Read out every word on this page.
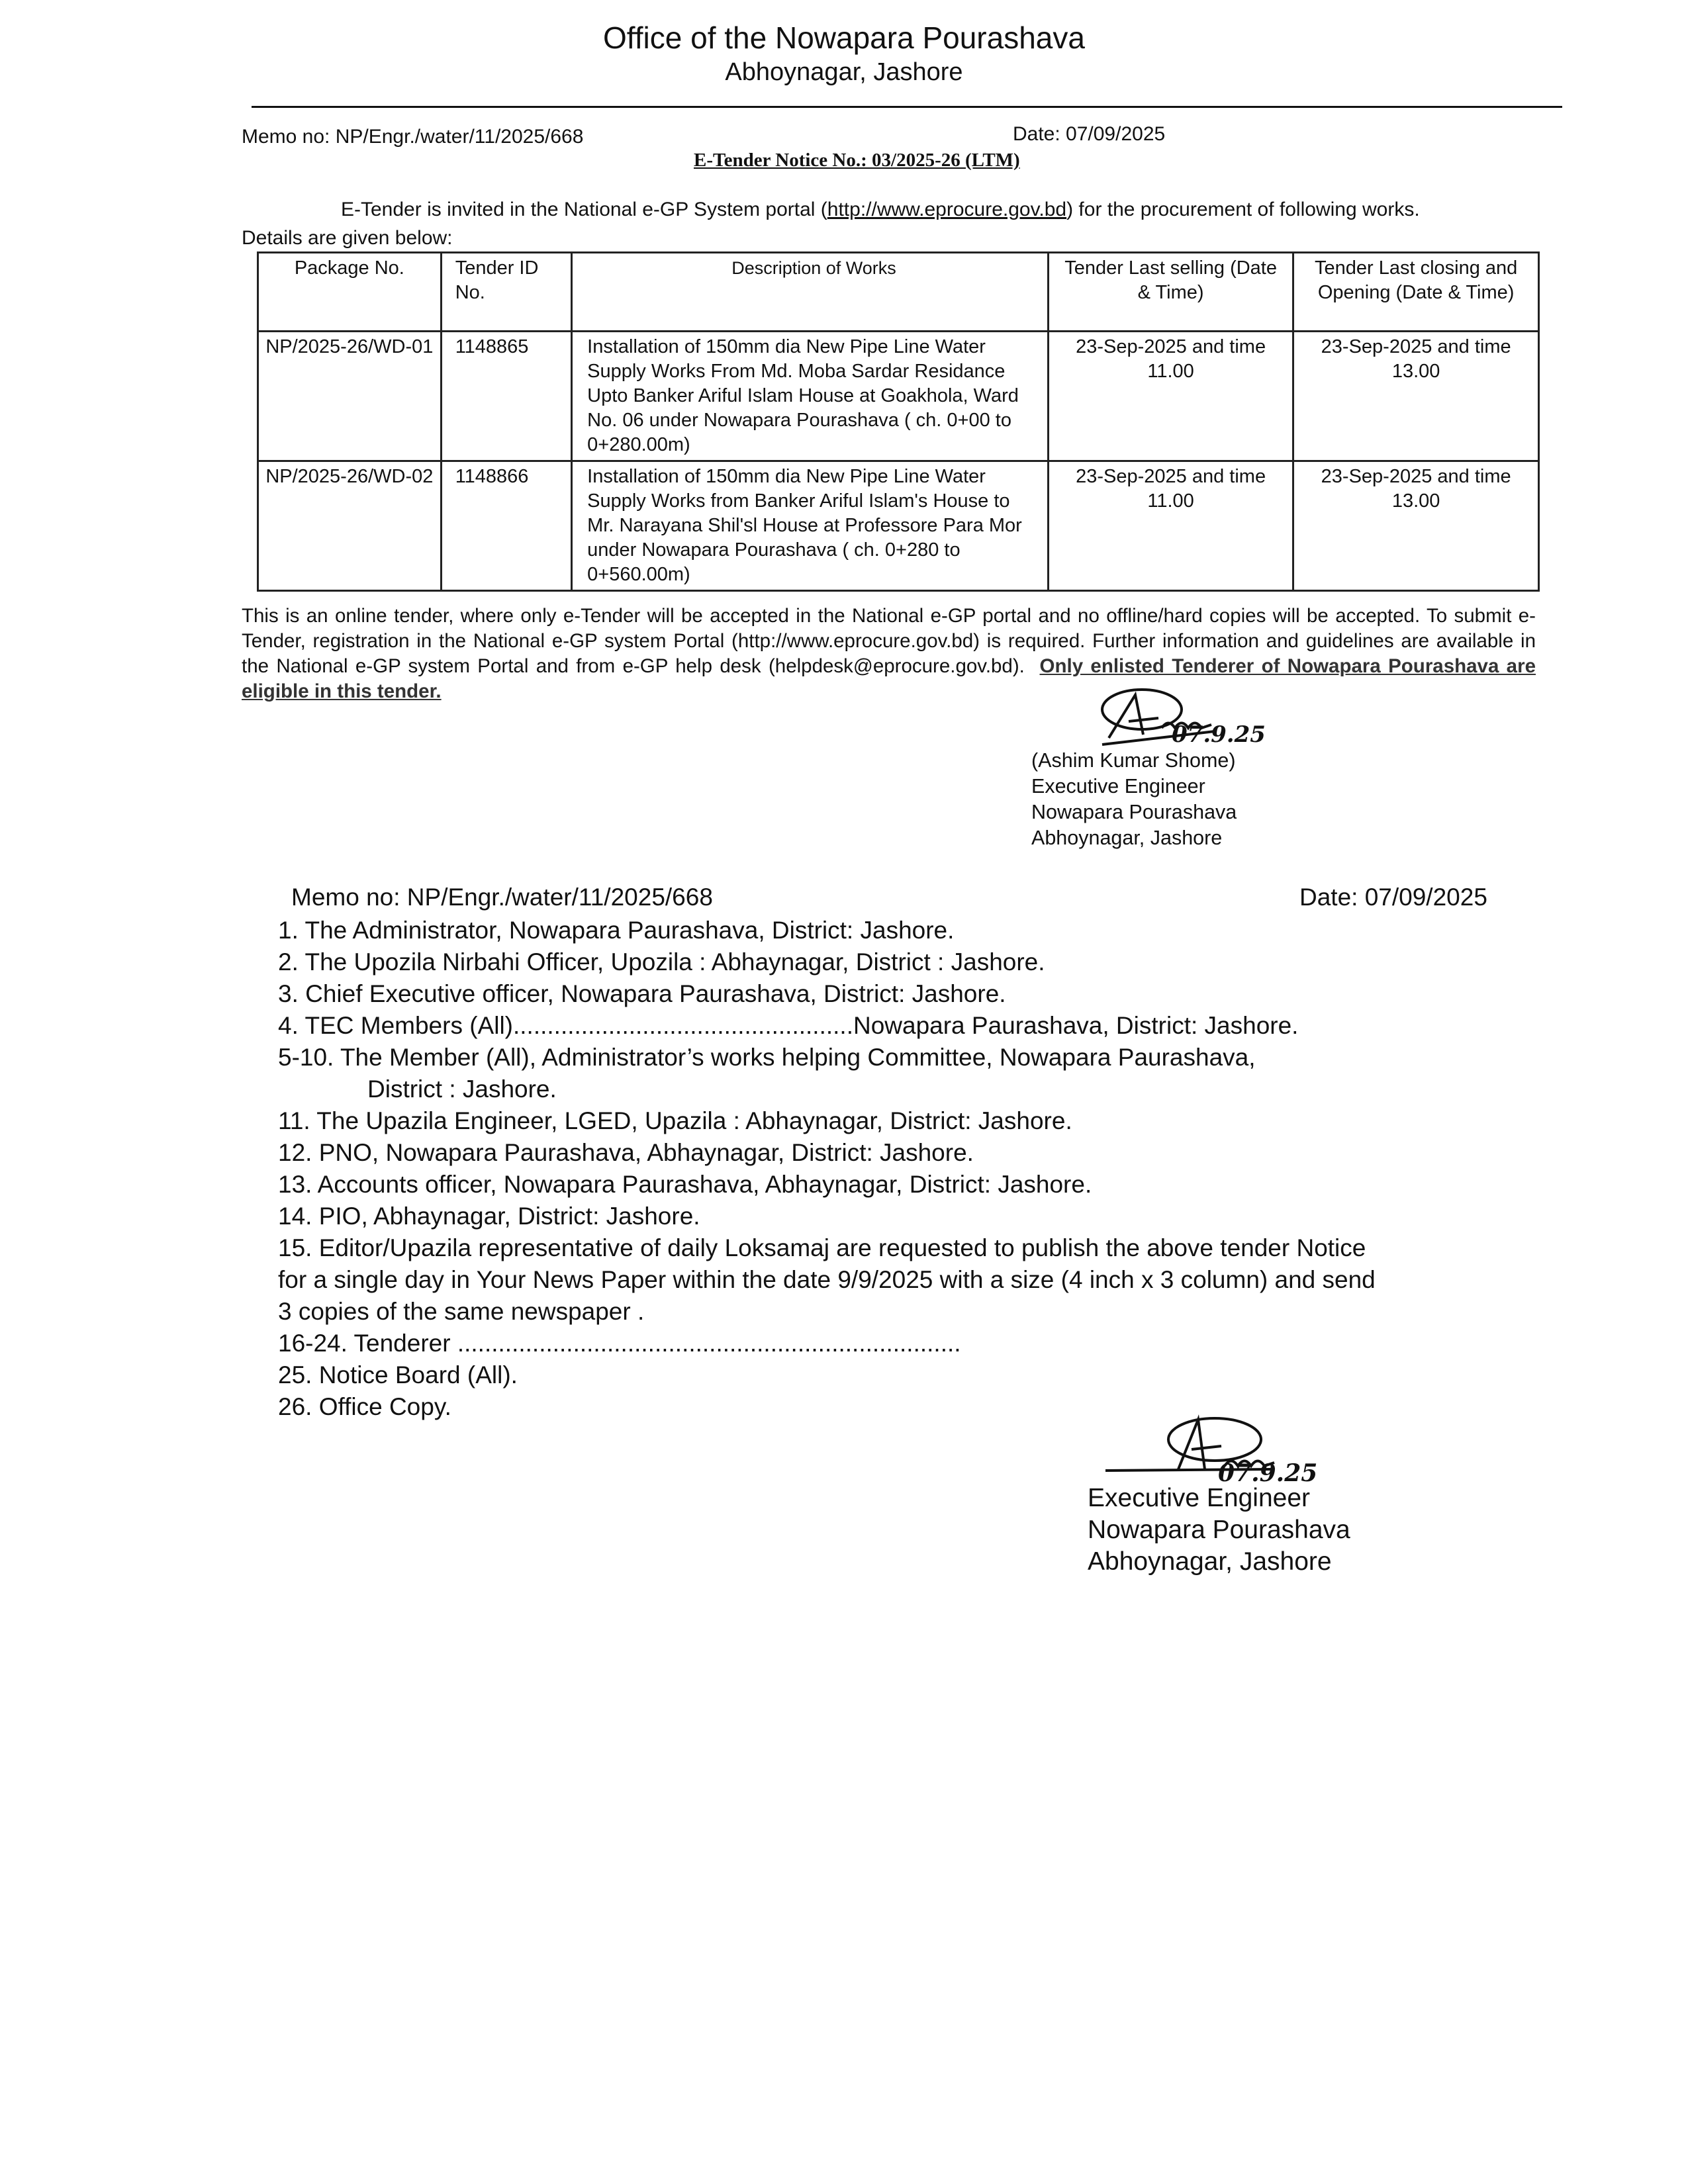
Office of the Nowapara Pourashava
Abhoynagar, Jashore
Memo no: NP/Engr./water/11/2025/668	Date: 07/09/2025
E-Tender Notice No.: 03/2025-26 (LTM)
E-Tender is invited in the National e-GP System portal (http://www.eprocure.gov.bd) for the procurement of following works.
Details are given below:
Package No.	Tender ID No.	Description of Works	Tender Last selling (Date & Time)	Tender Last closing and Opening (Date & Time)
NP/2025-26/WD-01	1148865	Installation of 150mm dia New Pipe Line Water Supply Works From Md. Moba Sardar Residance Upto Banker Ariful Islam House at Goakhola, Ward No. 06 under Nowapara Pourashava ( ch. 0+00 to 0+280.00m)	23-Sep-2025 and time 11.00	23-Sep-2025 and time 13.00
NP/2025-26/WD-02	1148866	Installation of 150mm dia New Pipe Line Water Supply Works from Banker Ariful Islam's House to Mr. Narayana Shil'sl House at Professore Para Mor under Nowapara Pourashava ( ch. 0+280 to 0+560.00m)	23-Sep-2025 and time 11.00	23-Sep-2025 and time 13.00
This is an online tender, where only e-Tender will be accepted in the National e-GP portal and no offline/hard copies will be accepted. To submit e-Tender, registration in the National e-GP system Portal (http://www.eprocure.gov.bd) is required. Further information and guidelines are available in the National e-GP system Portal and from e-GP help desk (helpdesk@eprocure.gov.bd). Only enlisted Tenderer of Nowapara Pourashava are eligible in this tender.
07.9.25
(Ashim Kumar Shome)
Executive Engineer
Nowapara Pourashava
Abhoynagar, Jashore
Memo no: NP/Engr./water/11/2025/668	Date: 07/09/2025
1. The Administrator, Nowapara Paurashava, District: Jashore.
2. The Upozila Nirbahi Officer, Upozila : Abhaynagar, District : Jashore.
3. Chief Executive officer, Nowapara Paurashava, District: Jashore.
4. TEC Members (All)..................................................Nowapara Paurashava, District: Jashore.
5-10. The Member (All), Administrator’s works helping Committee, Nowapara Paurashava,
District : Jashore.
11. The Upazila Engineer, LGED, Upazila : Abhaynagar, District: Jashore.
12. PNO, Nowapara Paurashava, Abhaynagar, District: Jashore.
13. Accounts officer, Nowapara Paurashava, Abhaynagar, District: Jashore.
14. PIO, Abhaynagar, District: Jashore.
15. Editor/Upazila representative of daily Loksamaj are requested to publish the above tender Notice
for a single day in Your News Paper within the date 9/9/2025 with a size (4 inch x 3 column) and send
3 copies of the same newspaper .
16-24. Tenderer ..........................................................................
25. Notice Board (All).
26. Office Copy.
07.9.25
Executive Engineer
Nowapara Pourashava
Abhoynagar, Jashore
